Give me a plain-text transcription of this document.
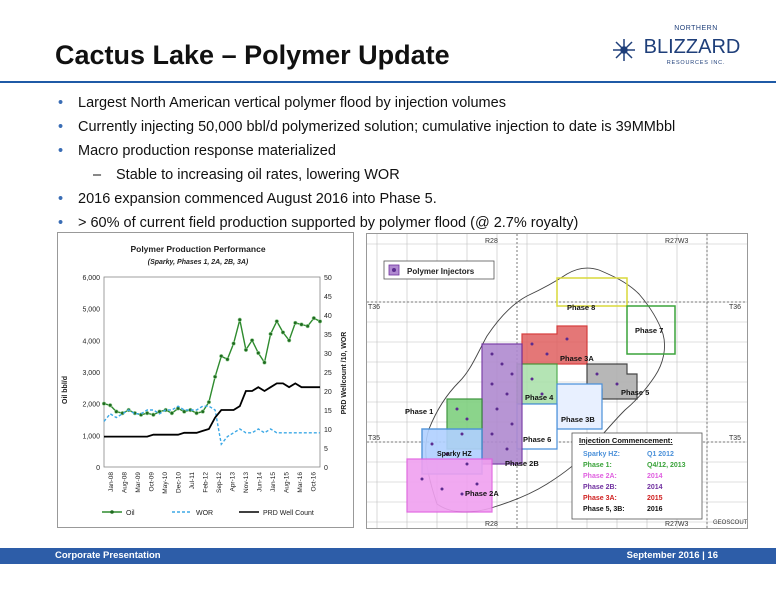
Cactus Lake – Polymer Update
NORTHERN
BLIZZARD
RESOURCES INC.
• Largest North American vertical polymer flood by injection volumes
• Currently injecting 50,000 bbl/d polymerized solution; cumulative injection to date is 39MMbbl
• Macro production response materialized
– Stable to increasing oil rates, lowering WOR
• 2016 expansion commenced August 2016 into Phase 5.
• > 60% of current field production supported by polymer flood (@ 2.7% royalty)
Polymer Production Performance
(Sparky, Phases 1, 2A, 2B, 3A)
Oil bbl/d	PRD Wellcount /10, WOR
0
1,000
2,000
3,000
4,000
5,000
6,000
0
5
10
15
20
25
30
35
40
45
50
Jan-08 Aug-08 Mar-09 Oct-09 May-10 Dec-10 Jul-11 Feb-12 Sep-12 Apr-13 Nov-13 Jun-14 Jan-15 Aug-15 Mar-16 Oct-16
Oil	WOR	PRD Well Count
R28	R27W3
T36	T36
T35	T35
R28	R27W3
Polymer Injectors
Phase 8
Phase 7
Phase 3A
Phase 4
Phase 5
Phase 3B
Phase 1
Phase 6
Sparky HZ
Phase 2B
Phase 2A
Injection Commencement:
Sparky HZ:	Q1 2012
Phase 1:	Q4/12, 2013
Phase 2A:	2014
Phase 2B:	2014
Phase 3A:	2015
Phase 5, 3B:	2016
GEOSCOUT
Corporate Presentation	September 2016 | 16
